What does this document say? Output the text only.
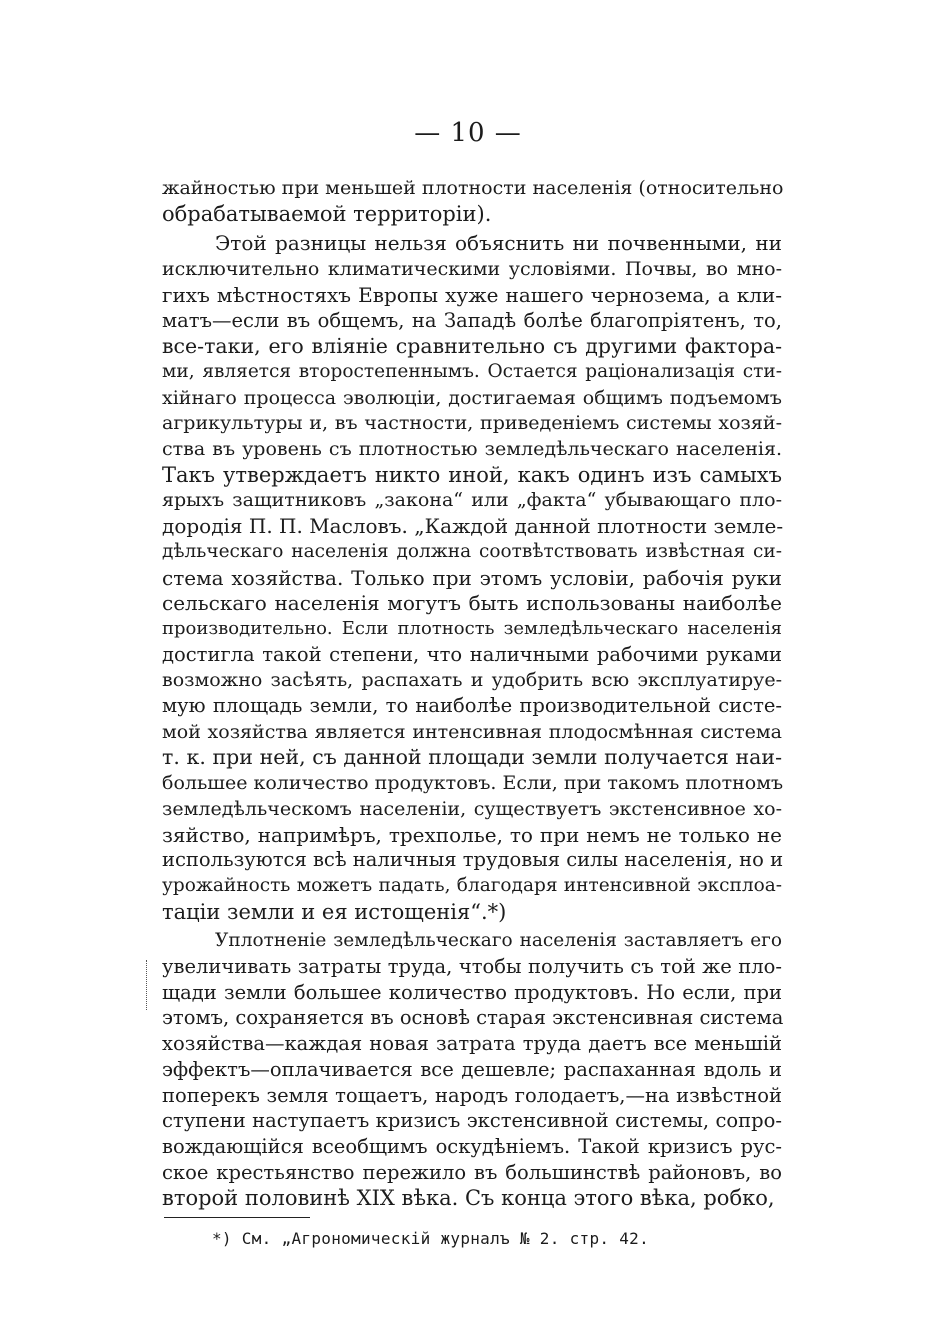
— 10 —
жайностью при меньшей плотности населенія (относительно
обрабатываемой территоріи).
Этой разницы нельзя объяснить ни почвенными, ни
исключительно климатическими условіями. Почвы, во мно-
гихъ мѣстностяхъ Европы хуже нашего чернозема, а кли-
матъ—если въ общемъ, на Западѣ болѣе благопріятенъ, то,
все-таки, его вліяніе сравнительно съ другими фактора-
ми, является второстепеннымъ. Остается раціонализація сти-
хійнаго процесса эволюціи, достигаемая общимъ подъемомъ
агрикультуры и, въ частности, приведеніемъ системы хозяй-
ства въ уровень съ плотностью земледѣльческаго населенія.
Такъ утверждаетъ никто иной, какъ одинъ изъ самыхъ
ярыхъ защитниковъ „закона“ или „факта“ убывающаго пло-
дородія П. П. Масловъ. „Каждой данной плотности земле-
дѣльческаго населенія должна соотвѣтствовать извѣстная си-
стема хозяйства. Только при этомъ условіи, рабочія руки
сельскаго населенія могутъ быть использованы наиболѣе
производительно. Если плотность земледѣльческаго населенія
достигла такой степени, что наличными рабочими руками
возможно засѣять, распахать и удобрить всю эксплуатируе-
мую площадь земли, то наиболѣе производительной систе-
мой хозяйства является интенсивная плодосмѣнная система
т. к. при ней, съ данной площади земли получается наи-
большее количество продуктовъ. Если, при такомъ плотномъ
земледѣльческомъ населеніи, существуетъ экстенсивное хо-
зяйство, напримѣръ, трехполье, то при немъ не только не
используются всѣ наличныя трудовыя силы населенія, но и
урожайность можетъ падать, благодаря интенсивной эксплоа-
таціи земли и ея истощенія“.*)
Уплотненіе земледѣльческаго населенія заставляетъ его
увеличивать затраты труда, чтобы получить съ той же пло-
щади земли большее количество продуктовъ. Но если, при
этомъ, сохраняется въ основѣ старая экстенсивная система
хозяйства—каждая новая затрата труда даетъ все меньшій
эффектъ—оплачивается все дешевле; распаханная вдоль и
поперекъ земля тощаетъ, народъ голодаетъ,—на извѣстной
ступени наступаетъ кризисъ экстенсивной системы, сопро-
вождающійся всеобщимъ оскудѣніемъ. Такой кризисъ рус-
ское крестьянство пережило въ большинствѣ районовъ, во
второй половинѣ XIX вѣка. Съ конца этого вѣка, робко,
*) См. „Агрономическій журналъ № 2. стр. 42.
